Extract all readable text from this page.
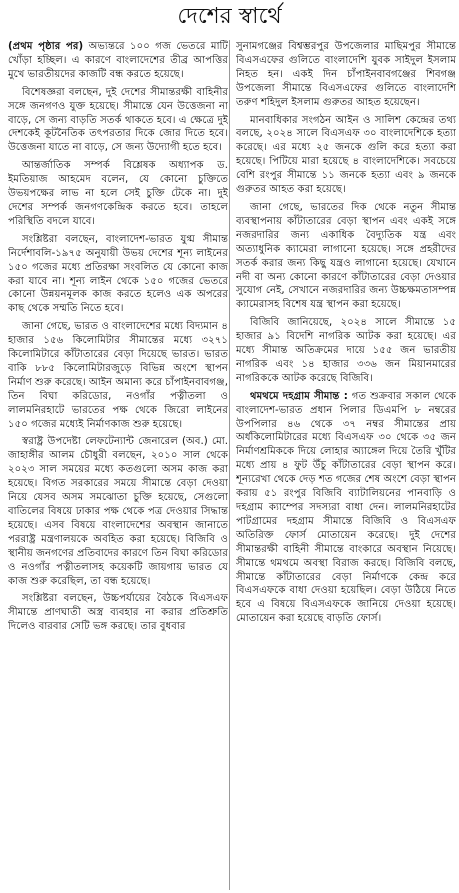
দেশের স্বার্থে

(প্রথম পৃষ্ঠার পর) অভ্যন্তরে ১০০ গজ ভেতরে মাটি খোঁড়া হচ্ছিল। এ কারণে বাংলাদেশের তীব্র আপত্তির মুখে ভারতীয়দের কাজটি বন্ধ করতে হয়েছে।

বিশেষজ্ঞরা বলছেন, দুই দেশের সীমান্তরক্ষী বাহিনীর সঙ্গে জনগণও যুক্ত হয়েছে। সীমান্তে যেন উত্তেজনা না বাড়ে, সে জন্য বাড়তি সতর্ক থাকতে হবে। এ ক্ষেত্রে দুই দেশকেই কূটনৈতিক তৎপরতার দিকে জোর দিতে হবে। উত্তেজনা যাতে না বাড়ে, সে জন্য উদ্যোগী হতে হবে।

আন্তর্জাতিক সম্পর্ক বিশ্লেষক অধ্যাপক ড. ইমতিয়াজ আহমেদ বলেন, যে কোনো চুক্তিতে উভয়পক্ষের লাভ না হলে সেই চুক্তি টেকে না। দুই দেশের সম্পর্ক জনগণকেন্দ্রিক করতে হবে। তাহলে পরিস্থিতি বদলে যাবে।

সংশ্লিষ্টরা বলছেন, বাংলাদেশ-ভারত যুগ্ম সীমান্ত নির্দেশাবলি-১৯৭৫ অনুযায়ী উভয় দেশের শূন্য লাইনের ১৫০ গজের মধ্যে প্রতিরক্ষা সংবলিত যে কোনো কাজ করা যাবে না। শূন্য লাইন থেকে ১৫০ গজের ভেতরে কোনো উন্নয়নমূলক কাজ করতে হলেও এক অপরের কাছ থেকে সম্মতি নিতে হবে।

জানা গেছে, ভারত ও বাংলাদেশের মধ্যে বিদ্যমান ৪ হাজার ১৫৬ কিলোমিটার সীমান্তের মধ্যে ৩২৭১ কিলোমিটারে কাঁটাতারের বেড়া দিয়েছে ভারত। ভারত বাকি ৮৮৫ কিলোমিটারজুড়ে বিভিন্ন অংশে স্থাপন নির্মাণ শুরু করেছে। আইন অমান্য করে চাঁপাইনবাবগঞ্জ, তিন বিঘা করিডোর, নওগাঁর পত্নীতলা ও লালমনিরহাটে ভারতের পক্ষ থেকে জিরো লাইনের ১৫০ গজের মধ্যেই নির্মাণকাজ শুরু হয়েছে।

স্বরাষ্ট্র উপদেষ্টা লেফটেন্যান্ট জেনারেল (অব.) মো. জাহাঙ্গীর আলম চৌধুরী বলছেন, ২০১০ সাল থেকে ২০২৩ সাল সময়ের মধ্যে কতগুলো অসম কাজ করা হয়েছে। বিগত সরকারের সময়ে সীমান্তে বেড়া দেওয়া নিয়ে যেসব অসম সমঝোতা চুক্তি হয়েছে, সেগুলো বাতিলের বিষয়ে ঢাকার পক্ষ থেকে পত্র দেওয়ার সিদ্ধান্ত হয়েছে। এসব বিষয়ে বাংলাদেশের অবস্থান জানাতে পররাষ্ট্র মন্ত্রণালয়কে অবহিত করা হয়েছে। বিজিবি ও স্থানীয় জনগণের প্রতিবাদের কারণে তিন বিঘা করিডোর ও নওগাঁর পত্নীতলাসহ কয়েকটি জায়গায় ভারত যে কাজ শুরু করেছিল, তা বন্ধ হয়েছে।

সংশ্লিষ্টরা বলছেন, উচ্চপর্যায়ের বৈঠকে বিএসএফ সীমান্তে প্রাণঘাতী অস্ত্র ব্যবহার না করার প্রতিশ্রুতি দিলেও বারবার সেটি ভঙ্গ করছে। তার বুধবার

সুনামগঞ্জের বিশ্বম্ভরপুর উপজেলার মাছিমপুর সীমান্তে বিএসএফের গুলিতে বাংলাদেশি যুবক সাইদুল ইসলাম নিহত হন। একই দিন চাঁপাইনবাবগঞ্জের শিবগঞ্জ উপজেলা সীমান্তে বিএসএফের গুলিতে বাংলাদেশি তরুণ শহিদুল ইসলাম গুরুতর আহত হয়েছেন।

মানবাধিকার সংগঠন আইন ও সালিশ কেন্দ্রের তথ্য বলছে, ২০২৪ সালে বিএসএফ ৩০ বাংলাদেশিকে হত্যা করেছে। এর মধ্যে ২৫ জনকে গুলি করে হত্যা করা হয়েছে। পিটিয়ে মারা হয়েছে ৪ বাংলাদেশিকে। সবচেয়ে বেশি রংপুর সীমান্তে ১১ জনকে হত্যা এবং ৯ জনকে গুরুতর আহত করা হয়েছে।

জানা গেছে, ভারতের দিক থেকে নতুন সীমান্ত ব্যবস্থাপনায় কাঁটাতারের বেড়া স্থাপন এবং একই সঙ্গে নজরদারির জন্য একাধিক বৈদ্যুতিক যন্ত্র এবং অত্যাধুনিক ক্যামেরা লাগানো হয়েছে। সঙ্গে প্রহরীদের সতর্ক করার জন্য কিছু যন্ত্রও লাগানো হয়েছে। যেখানে নদী বা অন্য কোনো কারণে কাঁটাতারের বেড়া দেওয়ার সুযোগ নেই, সেখানে নজরদারির জন্য উচ্চক্ষমতাসম্পন্ন ক্যামেরাসহ বিশেষ যন্ত্র স্থাপন করা হয়েছে।

বিজিবি জানিয়েছে, ২০২৪ সালে সীমান্তে ১৫ হাজার ৯১ বিদেশি নাগরিক আটক করা হয়েছে। এর মধ্যে সীমান্ত অতিক্রমের দায়ে ১৫৫ জন ভারতীয় নাগরিক এবং ১৪ হাজার ৩৩৬ জন মিয়ানমারের নাগরিককে আটক করেছে বিজিবি।

থমথমে দহগ্রাম সীমান্ত : গত শুক্রবার সকাল থেকে বাংলাদেশ-ভারত প্রধান পিলার ডিএমপি ৮ নম্বরের উপপিলার ৪৬ থেকে ৩৭ নম্বর সীমান্তের প্রায় অর্ধকিলোমিটারের মধ্যে বিএসএফ ৩০ থেকে ৩৫ জন নির্মাণশ্রমিককে দিয়ে লোহার অ্যাঙ্গেল দিয়ে তৈরি খুঁটির মধ্যে প্রায় ৪ ফুট উঁচু কাঁটাতারের বেড়া স্থাপন করে। শূন্যরেখা থেকে দেড় শত গজের শেষ অংশে বেড়া স্থাপন করায় ৫১ রংপুর বিজিবি ব্যাটালিয়নের পানবাড়ি ও দহগ্রাম ক্যাম্পের সদস্যরা বাধা দেন। লালমনিরহাটের পাটগ্রামের দহগ্রাম সীমান্তে বিজিবি ও বিএসএফ অতিরিক্ত ফোর্স মোতায়েন করেছে। দুই দেশের সীমান্তরক্ষী বাহিনী সীমান্তে বাংকারে অবস্থান নিয়েছে। সীমান্তে থমথমে অবস্থা বিরাজ করছে। বিজিবি বলছে, সীমান্তে কাঁটাতারের বেড়া নির্মাণকে কেন্দ্র করে বিএসএফকে বাধা দেওয়া হয়েছিল। বেড়া উঠিয়ে নিতে হবে এ বিষয়ে বিএসএফকে জানিয়ে দেওয়া হয়েছে। মোতায়েন করা হয়েছে বাড়তি ফোর্স।
